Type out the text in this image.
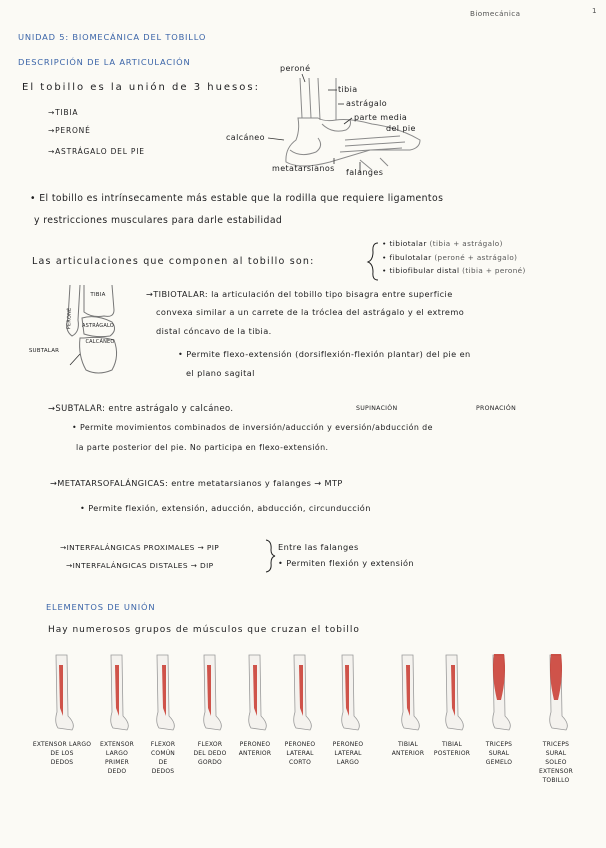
Biomecánica	1
UNIDAD 5: BIOMECÁNICA DEL TOBILLO
DESCRIPCIÓN DE LA ARTICULACIÓN
El tobillo es la unión de 3 huesos:
→TIBIA
→PERONÉ
→ASTRÁGALO DEL PIE
peroné
tibia
astrágalo
parte media
del pie
calcáneo
metatarsianos falanges
• El tobillo es intrínsecamente más estable que la rodilla que requiere ligamentos
y restricciones musculares para darle estabilidad
Las articulaciones que componen al tobillo son:
• tibiotalar (tibia + astrágalo)
• fibulotalar (peroné + astrágalo)
• tibiofibular distal (tibia + peroné)
TIBIA
PERONÉ	ASTRÁGALO
CALCÁNEO
SUBTALAR
→TIBIOTALAR: la articulación del tobillo tipo bisagra entre superficie
convexa similar a un carrete de la tróclea del astrágalo y el extremo
distal cóncavo de la tibia.
• Permite flexo-extensión (dorsiflexión-flexión plantar) del pie en
el plano sagital
SUPINACIÓN	PRONACIÓN
→SUBTALAR: entre astrágalo y calcáneo.
• Permite movimientos combinados de inversión/aducción y eversión/abducción de
la parte posterior del pie. No participa en flexo-extensión.
→METATARSOFALÁNGICAS: entre metatarsianos y falanges → MTP
• Permite flexión, extensión, aducción, abducción, circunducción
→INTERFALÁNGICAS PROXIMALES → PIP
→INTERFALÁNGICAS DISTALES → DIP
Entre las falanges
• Permiten flexión y extensión
ELEMENTOS DE UNIÓN
Hay numerosos grupos de músculos que cruzan el tobillo
EXTENSOR LARGO
DE LOS
DEDOS
EXTENSOR
LARGO
PRIMER
DEDO
FLEXOR
COMÚN
DE
DEDOS
FLEXOR
DEL DEDO
GORDO
PERONEO
ANTERIOR
PERONEO
LATERAL
CORTO
PERONEO
LATERAL
LARGO
TIBIAL
ANTERIOR
TIBIAL
POSTERIOR
TRICEPS
SURAL
GEMELO
TRICEPS
SURAL
SOLEO
EXTENSOR
TOBILLO
